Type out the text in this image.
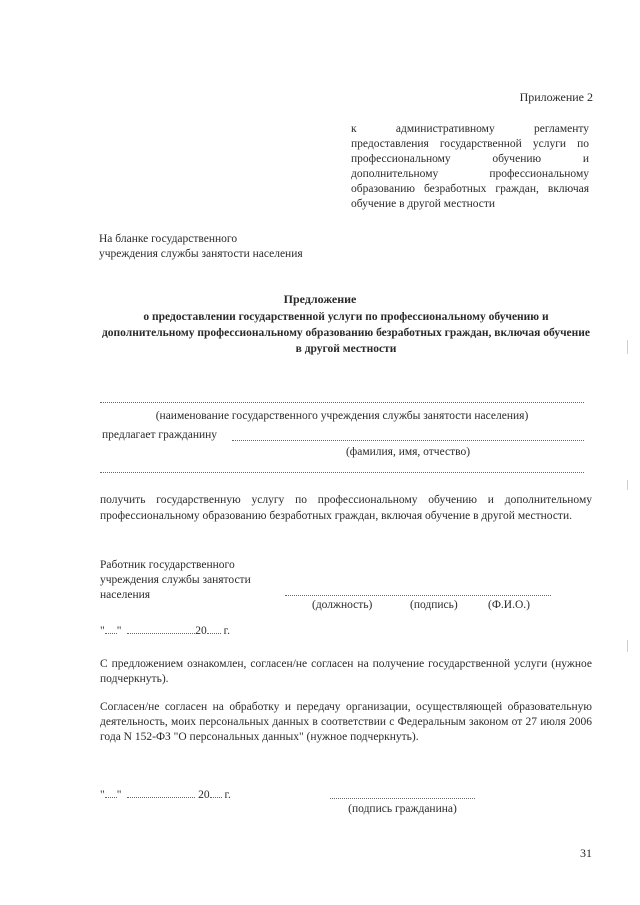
Приложение 2
к административному регламенту предоставления государственной услуги по профессиональному обучению и дополнительному профессиональному образованию безработных граждан, включая обучение в другой местности
На бланке государственного
учреждения службы занятости населения
Предложение
о предоставлении государственной услуги по профессиональному обучению и дополнительному профессиональному образованию безработных граждан, включая обучение в другой местности
(наименование государственного учреждения службы занятости населения)
предлагает гражданину
(фамилия, имя, отчество)
получить государственную услугу по профессиональному обучению и дополнительному профессиональному образованию безработных граждан, включая обучение в другой местности.
Работник государственного
учреждения службы занятости
населения
(должность)	(подпись)	(Ф.И.О.)
" "	20 г.
С предложением ознакомлен, согласен/не согласен на получение государственной услуги (нужное подчеркнуть).
Согласен/не согласен на обработку и передачу организации, осуществляющей образовательную деятельность, моих персональных данных в соответствии с Федеральным законом от 27 июля 2006 года N 152-ФЗ "О персональных данных" (нужное подчеркнуть).
" "	20 г.
(подпись гражданина)
31
